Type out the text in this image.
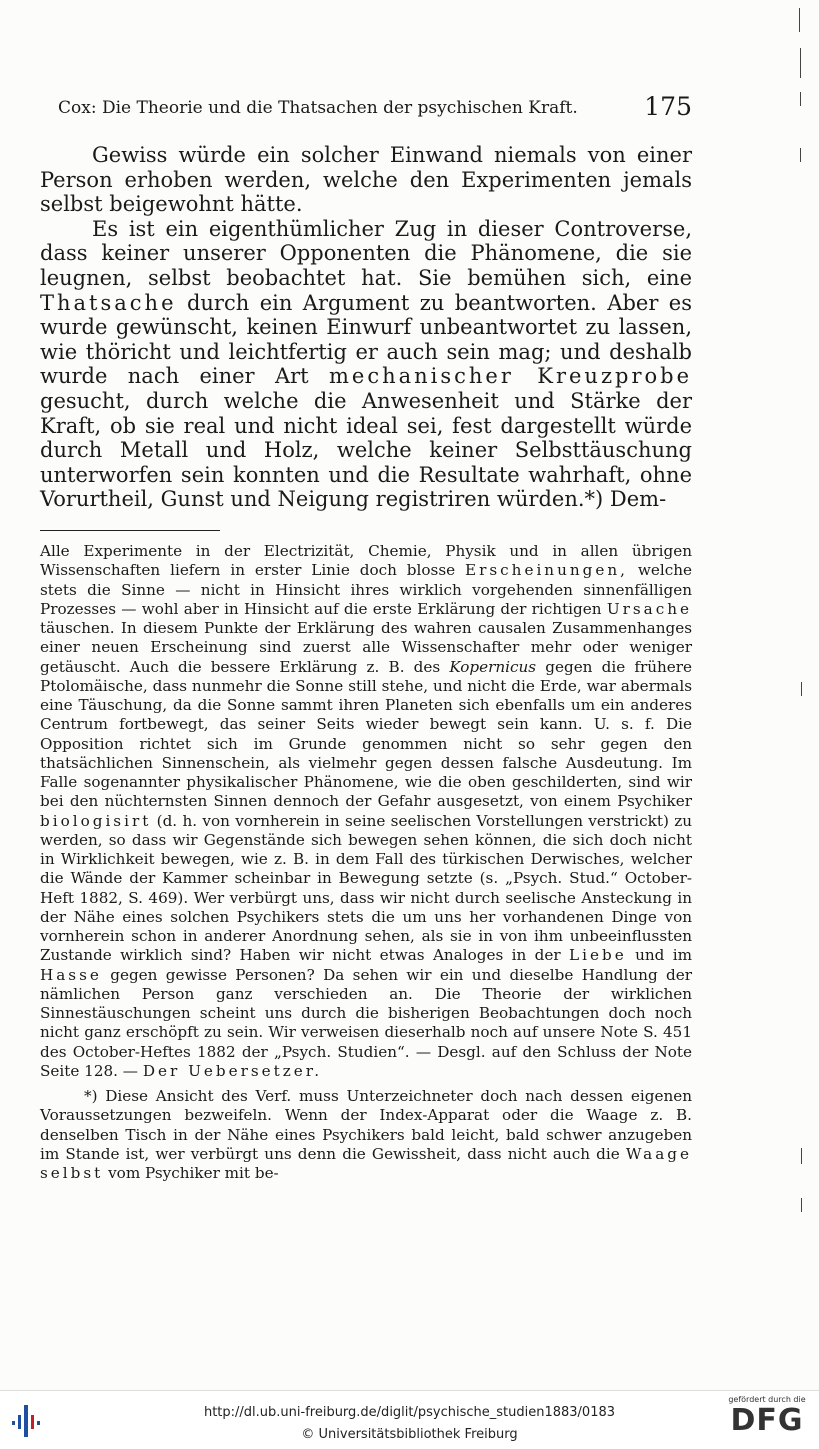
Cox: Die Theorie und die Thatsachen der psychischen Kraft.	175

Gewiss würde ein solcher Einwand niemals von einer Person erhoben werden, welche den Experimenten jemals selbst beigewohnt hätte.

Es ist ein eigenthümlicher Zug in dieser Controverse, dass keiner unserer Opponenten die Phänomene, die sie leugnen, selbst beobachtet hat. Sie bemühen sich, eine Thatsache durch ein Argument zu beantworten. Aber es wurde gewünscht, keinen Einwurf unbeantwortet zu lassen, wie thöricht und leichtfertig er auch sein mag; und deshalb wurde nach einer Art mechanischer Kreuzprobe gesucht, durch welche die Anwesenheit und Stärke der Kraft, ob sie real und nicht ideal sei, fest dargestellt würde durch Metall und Holz, welche keiner Selbsttäuschung unterworfen sein konnten und die Resultate wahrhaft, ohne Vorurtheil, Gunst und Neigung registriren würden.*) Dem-

Alle Experimente in der Electrizität, Chemie, Physik und in allen übrigen Wissenschaften liefern in erster Linie doch blosse Erscheinungen, welche stets die Sinne — nicht in Hinsicht ihres wirklich vorgehenden sinnenfälligen Prozesses — wohl aber in Hinsicht auf die erste Erklärung der richtigen Ursache täuschen. In diesem Punkte der Erklärung des wahren causalen Zusammenhanges einer neuen Erscheinung sind zuerst alle Wissenschafter mehr oder weniger getäuscht. Auch die bessere Erklärung z. B. des Kopernicus gegen die frühere Ptolomäische, dass nunmehr die Sonne still stehe, und nicht die Erde, war abermals eine Täuschung, da die Sonne sammt ihren Planeten sich ebenfalls um ein anderes Centrum fortbewegt, das seiner Seits wieder bewegt sein kann. U. s. f. Die Opposition richtet sich im Grunde genommen nicht so sehr gegen den thatsächlichen Sinnenschein, als vielmehr gegen dessen falsche Ausdeutung. Im Falle sogenannter physikalischer Phänomene, wie die oben geschilderten, sind wir bei den nüchternsten Sinnen dennoch der Gefahr ausgesetzt, von einem Psychiker biologisirt (d. h. von vornherein in seine seelischen Vorstellungen verstrickt) zu werden, so dass wir Gegenstände sich bewegen sehen können, die sich doch nicht in Wirklichkeit bewegen, wie z. B. in dem Fall des türkischen Derwisches, welcher die Wände der Kammer scheinbar in Bewegung setzte (s. „Psych. Stud.“ October-Heft 1882, S. 469). Wer verbürgt uns, dass wir nicht durch seelische Ansteckung in der Nähe eines solchen Psychikers stets die um uns her vorhandenen Dinge von vornherein schon in anderer Anordnung sehen, als sie in von ihm unbeeinflussten Zustande wirklich sind? Haben wir nicht etwas Analoges in der Liebe und im Hasse gegen gewisse Personen? Da sehen wir ein und dieselbe Handlung der nämlichen Person ganz verschieden an. Die Theorie der wirklichen Sinnestäuschungen scheint uns durch die bisherigen Beobachtungen doch noch nicht ganz erschöpft zu sein. Wir verweisen dieserhalb noch auf unsere Note S. 451 des October-Heftes 1882 der „Psych. Studien“. — Desgl. auf den Schluss der Note Seite 128. — Der Uebersetzer.

*) Diese Ansicht des Verf. muss Unterzeichneter doch nach dessen eigenen Voraussetzungen bezweifeln. Wenn der Index-Apparat oder die Waage z. B. denselben Tisch in der Nähe eines Psychikers bald leicht, bald schwer anzugeben im Stande ist, wer verbürgt uns denn die Gewissheit, dass nicht auch die Waage selbst vom Psychiker mit be-

http://dl.ub.uni-freiburg.de/diglit/psychische_studien1883/0183
© Universitätsbibliothek Freiburg
gefördert durch die
DFG
